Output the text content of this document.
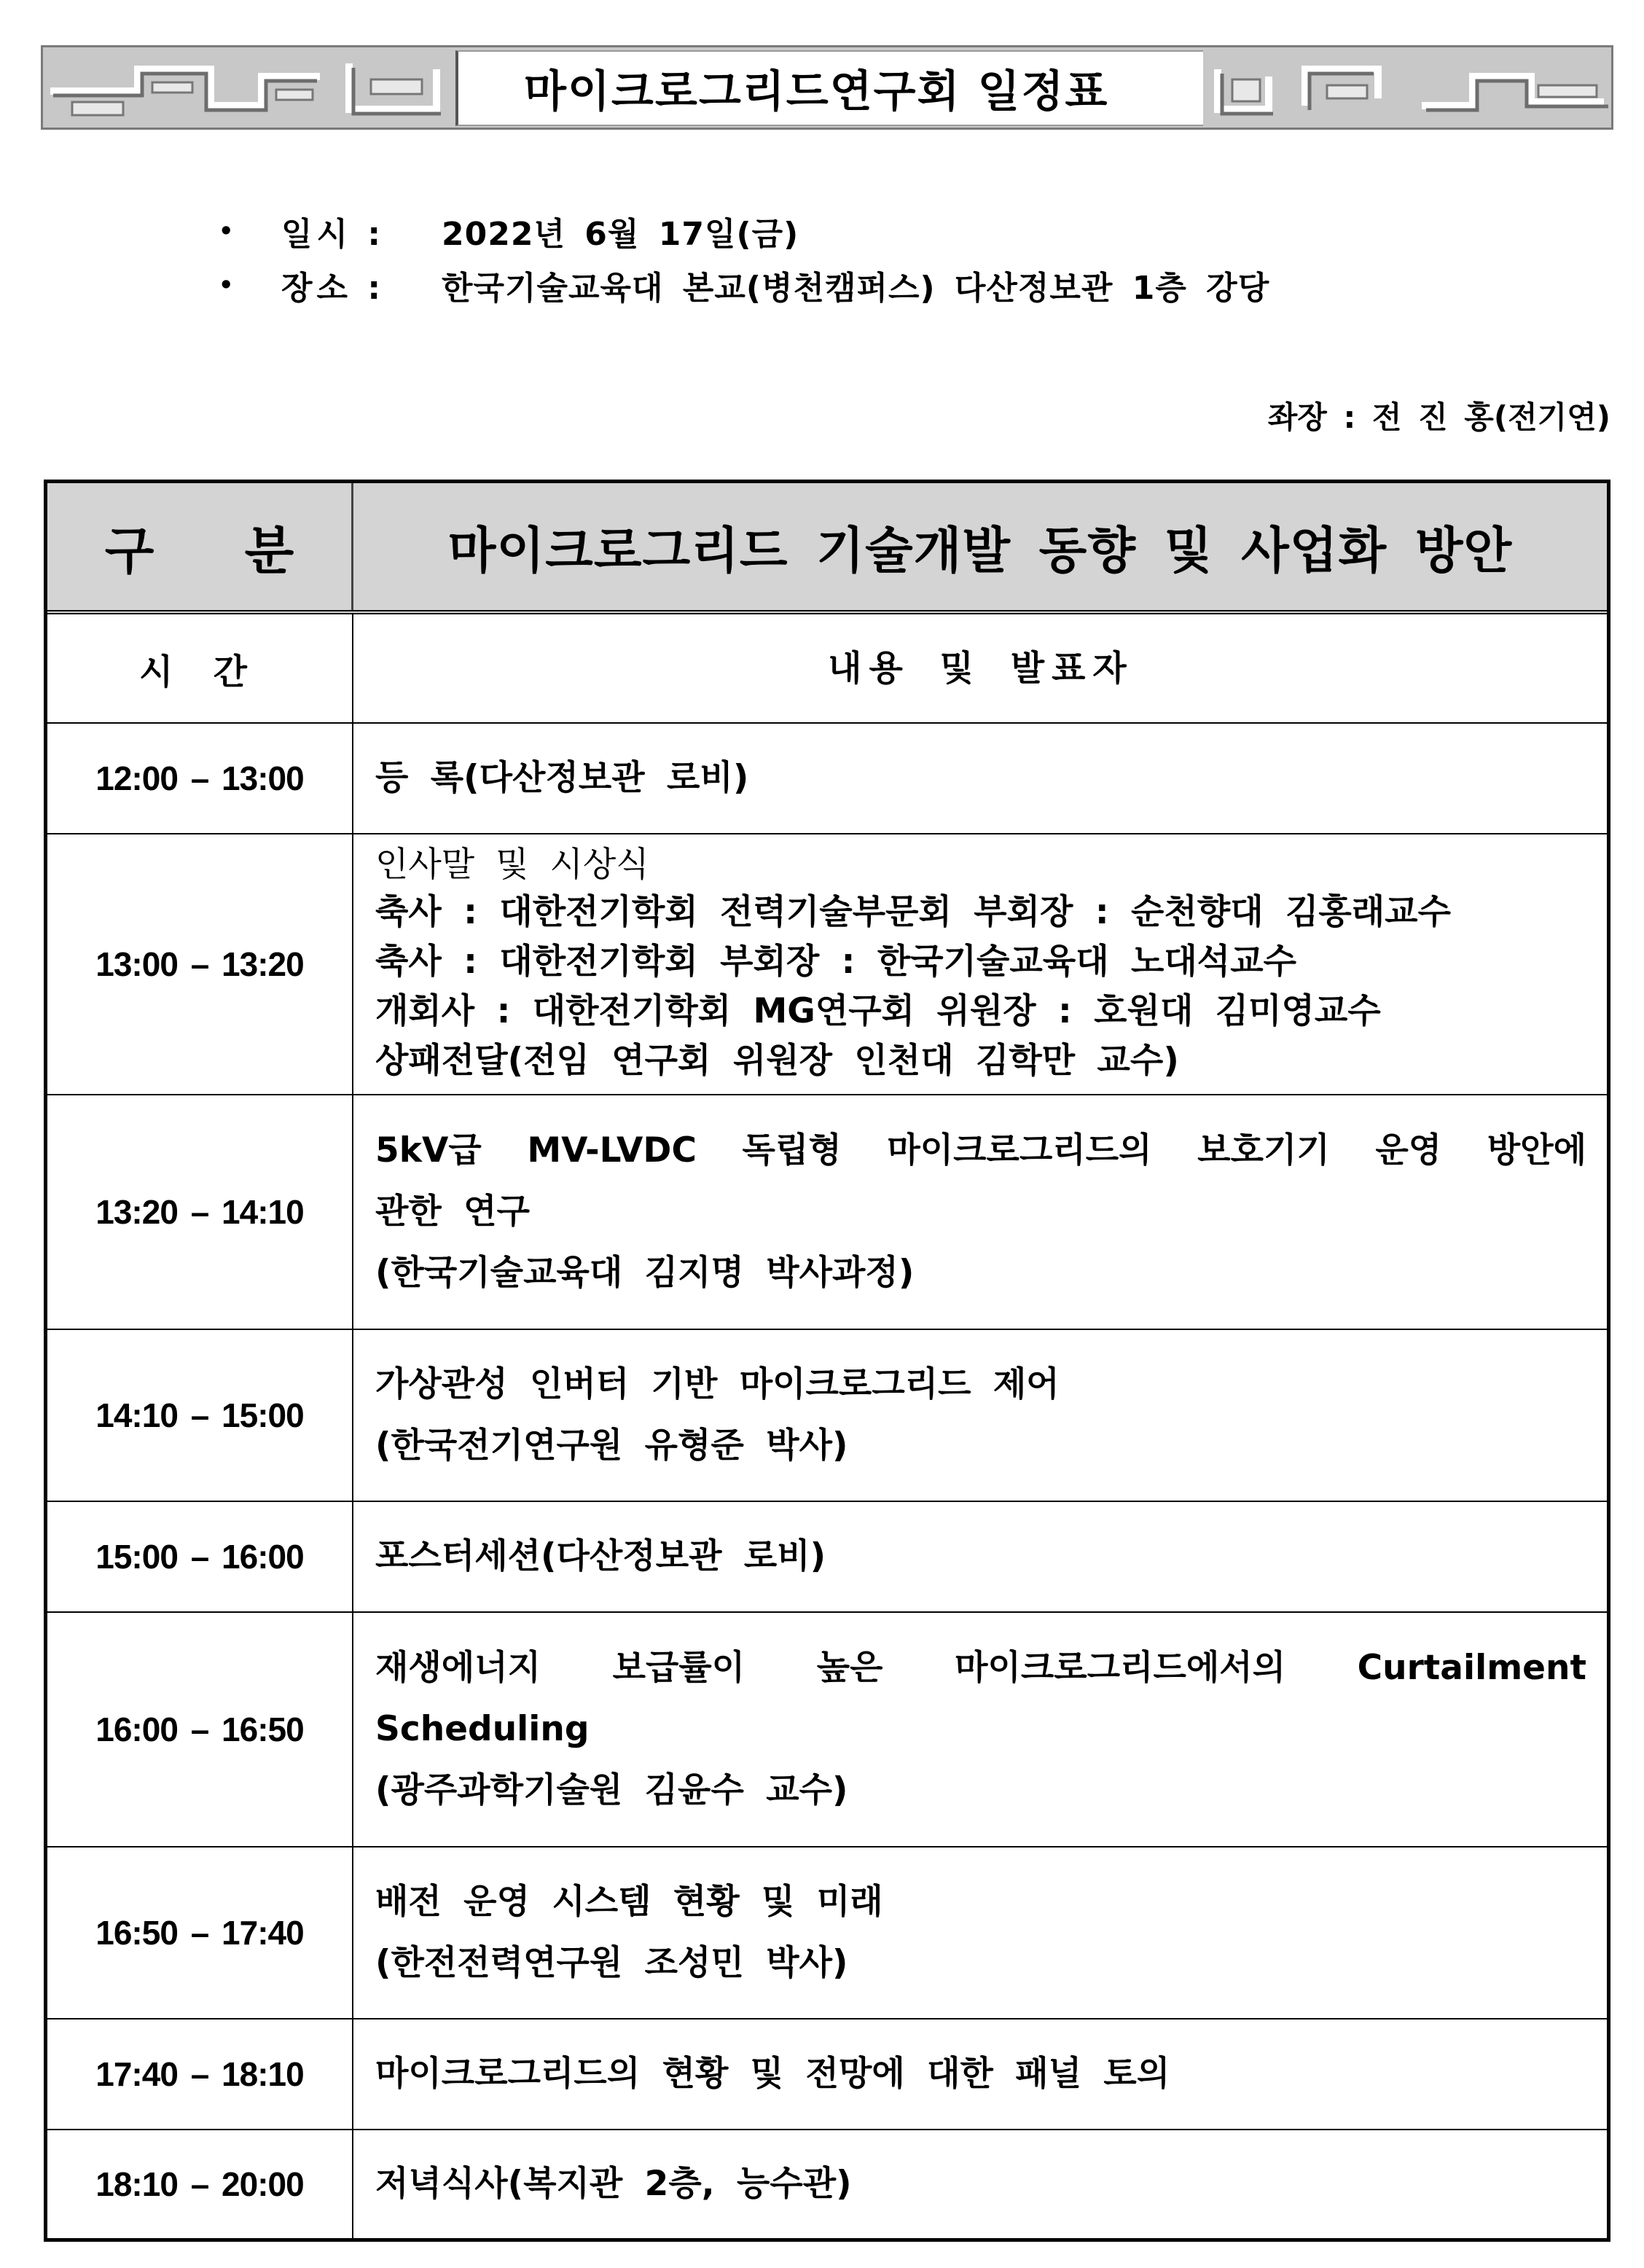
마이크로그리드연구회 일정표
•	일시 :	2022년 6월 17일(금)
•	장소 :	한국기술교육대 본교(병천캠퍼스) 다산정보관 1층 강당
좌장 : 전 진 홍(전기연)
구 분	마이크로그리드 기술개발 동향 및 사업화 방안
시 간	내용 및 발표자
12:00 – 13:00	등 록(다산정보관 로비)
13:00 – 13:20
인사말 및 시상식
축사 : 대한전기학회 전력기술부문회 부회장 : 순천향대 김홍래교수
축사 : 대한전기학회 부회장 : 한국기술교육대 노대석교수
개회사 : 대한전기학회 MG연구회 위원장 : 호원대 김미영교수
상패전달(전임 연구회 위원장 인천대 김학만 교수)
13:20 – 14:10
5kV급 MV-LVDC 독립형 마이크로그리드의 보호기기 운영 방안에
관한 연구
(한국기술교육대 김지명 박사과정)
14:10 – 15:00
가상관성 인버터 기반 마이크로그리드 제어
(한국전기연구원 유형준 박사)
15:00 – 16:00	포스터세션(다산정보관 로비)
16:00 – 16:50
재생에너지 보급률이 높은 마이크로그리드에서의 Curtailment
Scheduling
(광주과학기술원 김윤수 교수)
16:50 – 17:40
배전 운영 시스템 현황 및 미래
(한전전력연구원 조성민 박사)
17:40 – 18:10	마이크로그리드의 현황 및 전망에 대한 패널 토의
18:10 – 20:00	저녁식사(복지관 2층, 능수관)
